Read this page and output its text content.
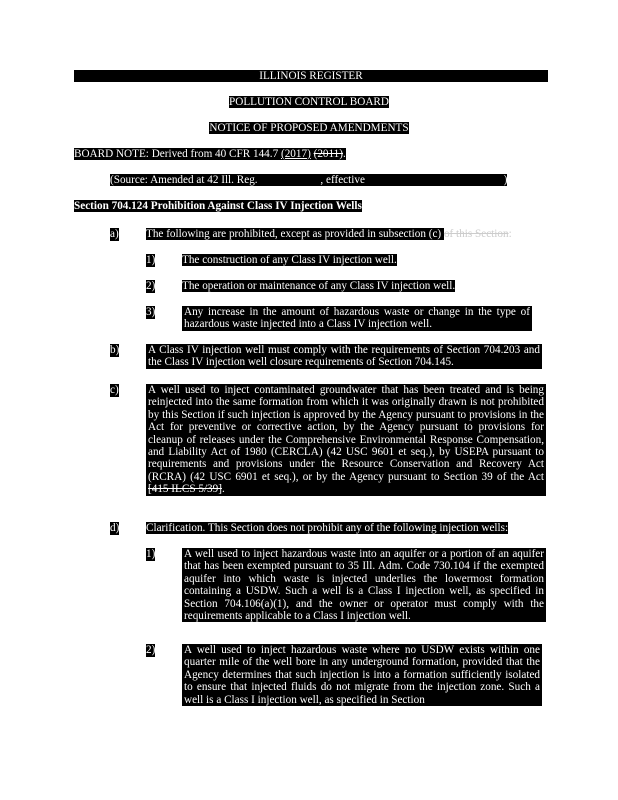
ILLINOIS REGISTER
POLLUTION CONTROL BOARD
NOTICE OF PROPOSED AMENDMENTS
BOARD NOTE: Derived from 40 CFR 144.7 (2017) (2011).
(Source: Amended at 42 Ill. Reg.	, effective	)
Section 704.124 Prohibition Against Class IV Injection Wells
a) The following are prohibited, except as provided in subsection (c) of this Section:
1) The construction of any Class IV injection well.
2) The operation or maintenance of any Class IV injection well.
3)	Any increase in the amount of hazardous waste or change in the type of hazardous waste injected into a Class IV injection well.
b)	A Class IV injection well must comply with the requirements of Section 704.203 and the Class IV injection well closure requirements of Section 704.145.
c)	A well used to inject contaminated groundwater that has been treated and is being reinjected into the same formation from which it was originally drawn is not prohibited by this Section if such injection is approved by the Agency pursuant to provisions in the Act for preventive or corrective action, by the Agency pursuant to provisions for cleanup of releases under the Comprehensive Environmental Response Compensation, and Liability Act of 1980 (CERCLA) (42 USC 9601 et seq.), by USEPA pursuant to requirements and provisions under the Resource Conservation and Recovery Act (RCRA) (42 USC 6901 et seq.), or by the Agency pursuant to Section 39 of the Act [415 ILCS 5/39].
d) Clarification. This Section does not prohibit any of the following injection wells:
1)	A well used to inject hazardous waste into an aquifer or a portion of an aquifer that has been exempted pursuant to 35 Ill. Adm. Code 730.104 if the exempted aquifer into which waste is injected underlies the lowermost formation containing a USDW. Such a well is a Class I injection well, as specified in Section 704.106(a)(1), and the owner or operator must comply with the requirements applicable to a Class I injection well.
2)	A well used to inject hazardous waste where no USDW exists within one quarter mile of the well bore in any underground formation, provided that the Agency determines that such injection is into a formation sufficiently isolated to ensure that injected fluids do not migrate from the injection zone. Such a well is a Class I injection well, as specified in Section
